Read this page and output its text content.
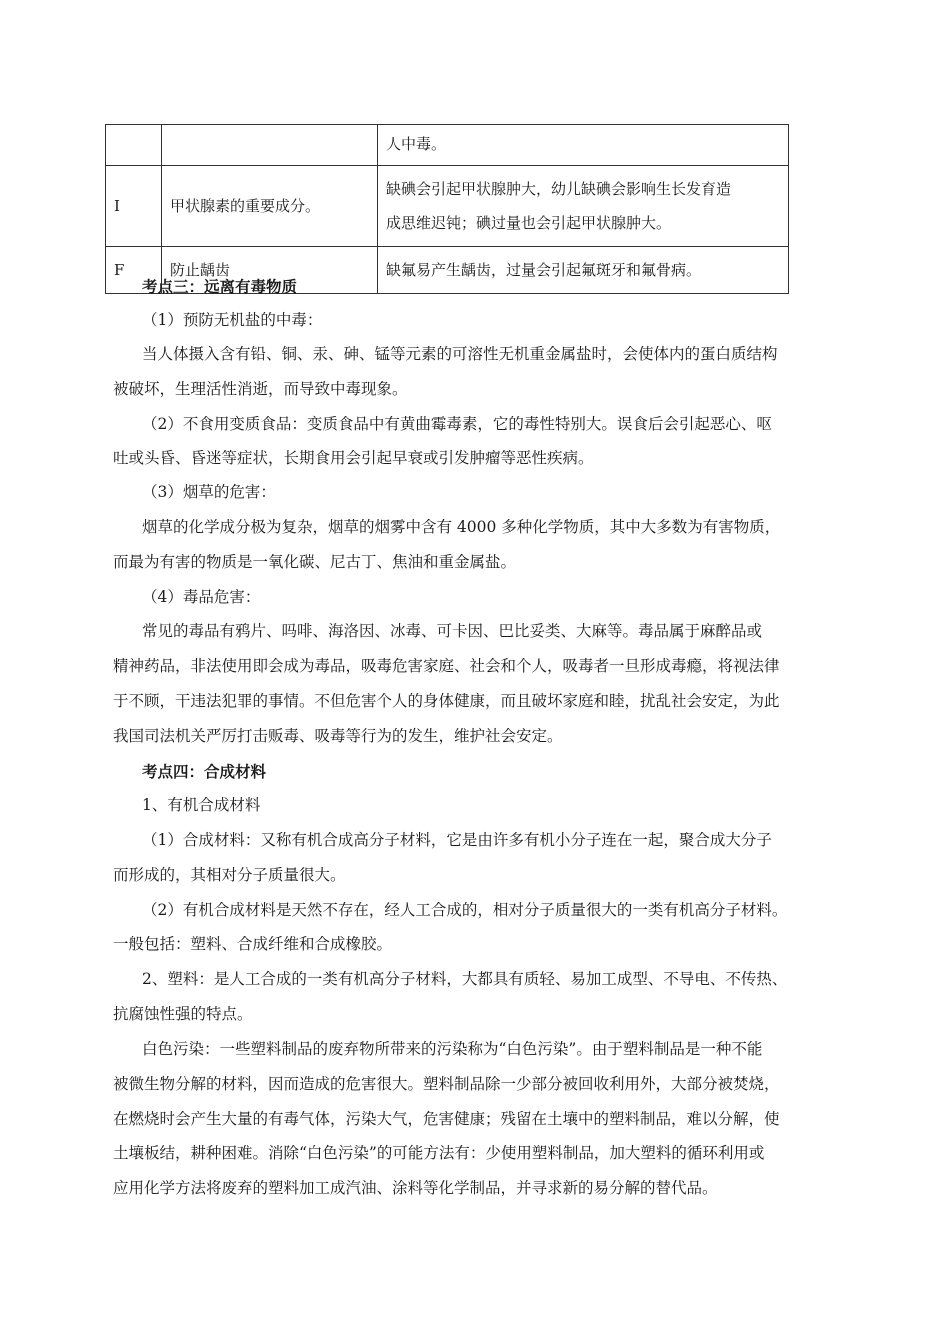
		人中毒。
I	甲状腺素的重要成分。	缺碘会引起甲状腺肿大，幼儿缺碘会影响生长发育造
成思维迟钝；碘过量也会引起甲状腺肿大。

F	防止龋齿	缺氟易产生龋齿，过量会引起氟斑牙和氟骨病。
考点三：远离有毒物质
（1）预防无机盐的中毒：
当人体摄入含有铅、铜、汞、砷、锰等元素的可溶性无机重金属盐时，会使体内的蛋白质结构
被破坏，生理活性消逝，而导致中毒现象。
（2）不食用变质食品：变质食品中有黄曲霉毒素，它的毒性特别大。误食后会引起恶心、呕
吐或头昏、昏迷等症状，长期食用会引起早衰或引发肿瘤等恶性疾病。
（3）烟草的危害：
烟草的化学成分极为复杂，烟草的烟雾中含有 4000 多种化学物质，其中大多数为有害物质，
而最为有害的物质是一氧化碳、尼古丁、焦油和重金属盐。
（4）毒品危害：
常见的毒品有鸦片、吗啡、海洛因、冰毒、可卡因、巴比妥类、大麻等。毒品属于麻醉品或
精神药品，非法使用即会成为毒品，吸毒危害家庭、社会和个人，吸毒者一旦形成毒瘾，将视法律
于不顾，干违法犯罪的事情。不但危害个人的身体健康，而且破坏家庭和睦，扰乱社会安定，为此
我国司法机关严厉打击贩毒、吸毒等行为的发生，维护社会安定。
考点四：合成材料
1、有机合成材料
（1）合成材料：又称有机合成高分子材料，它是由许多有机小分子连在一起，聚合成大分子
而形成的，其相对分子质量很大。
（2）有机合成材料是天然不存在，经人工合成的，相对分子质量很大的一类有机高分子材料。
一般包括：塑料、合成纤维和合成橡胶。
2、塑料：是人工合成的一类有机高分子材料，大都具有质轻、易加工成型、不导电、不传热、
抗腐蚀性强的特点。
白色污染：一些塑料制品的废弃物所带来的污染称为“白色污染”。由于塑料制品是一种不能
被微生物分解的材料，因而造成的危害很大。塑料制品除一少部分被回收利用外，大部分被焚烧，
在燃烧时会产生大量的有毒气体，污染大气，危害健康；残留在土壤中的塑料制品，难以分解，使
土壤板结，耕种困难。消除“白色污染”的可能方法有：少使用塑料制品，加大塑料的循环利用或
应用化学方法将废弃的塑料加工成汽油、涂料等化学制品，并寻求新的易分解的替代品。
